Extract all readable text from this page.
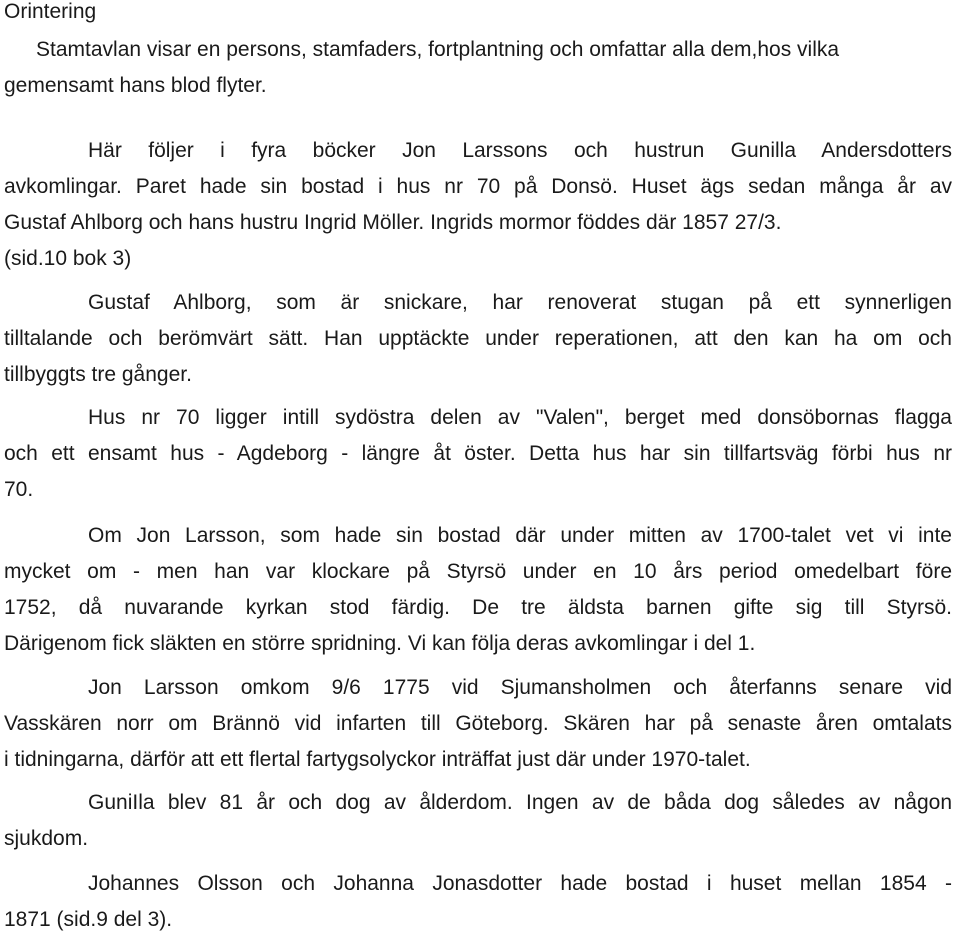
Orintering
Stamtavlan visar en persons, stamfaders, fortplantning och omfattar alla dem,hos vilka
gemensamt hans blod flyter.
Här följer i fyra böcker Jon Larssons och hustrun Gunilla Andersdotters
avkomlingar. Paret hade sin bostad i hus nr 70 på Donsö. Huset ägs sedan många år av
Gustaf Ahlborg och hans hustru Ingrid Möller. Ingrids mormor föddes där 1857 27/3.
(sid.10 bok 3)
Gustaf Ahlborg, som är snickare, har renoverat stugan på ett synnerligen
tilltalande och berömvärt sätt. Han upptäckte under reperationen, att den kan ha om och
tillbyggts tre gånger.
Hus nr 70 ligger intill sydöstra delen av "Valen", berget med donsöbornas flagga
och ett ensamt hus - Agdeborg - längre åt öster. Detta hus har sin tillfartsväg förbi hus nr
70.
Om Jon Larsson, som hade sin bostad där under mitten av 1700-talet vet vi inte
mycket om - men han var klockare på Styrsö under en 10 års period omedelbart före
1752, då nuvarande kyrkan stod färdig. De tre äldsta barnen gifte sig till Styrsö.
Därigenom fick släkten en större spridning. Vi kan följa deras avkomlingar i del 1.
Jon Larsson omkom 9/6 1775 vid Sjumansholmen och återfanns senare vid
Vasskären norr om Brännö vid infarten till Göteborg. Skären har på senaste åren omtalats
i tidningarna, därför att ett flertal fartygsolyckor inträffat just där under 1970-talet.
GuniIla blev 81 år och dog av ålderdom. Ingen av de båda dog således av någon
sjukdom.
Johannes Olsson och Johanna Jonasdotter hade bostad i huset mellan 1854 -
1871 (sid.9 del 3).
